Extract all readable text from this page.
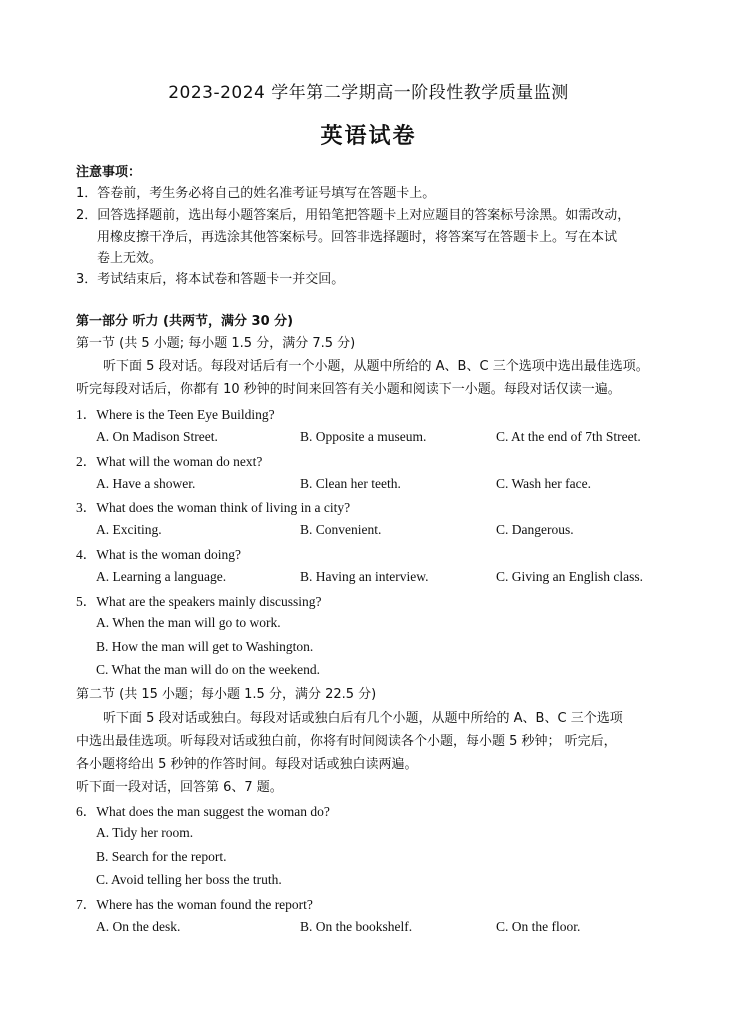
2023-2024 学年第二学期高一阶段性教学质量监测
英语试卷
注意事项：
1．答卷前，考生务必将自己的姓名准考证号填写在答题卡上。
2．回答选择题前，选出每小题答案后，用铅笔把答题卡上对应题目的答案标号涂黑。如需改动，
用橡皮擦干净后，再选涂其他答案标号。回答非选择题时，将答案写在答题卡上。写在本试
卷上无效。
3．考试结束后，将本试卷和答题卡一并交回。
第一部分 听力 (共两节，满分 30 分)
第一节 (共 5 小题; 每小题 1.5 分，满分 7.5 分)
听下面 5 段对话。每段对话后有一个小题，从题中所给的 A、B、C 三个选项中选出最佳选项。
听完每段对话后，你都有 10 秒钟的时间来回答有关小题和阅读下一小题。每段对话仅读一遍。
1．Where is the Teen Eye Building?
A. On Madison Street.	B. Opposite a museum.	C. At the end of 7th Street.
2．What will the woman do next?
A. Have a shower.	B. Clean her teeth.	C. Wash her face.
3．What does the woman think of living in a city?
A. Exciting.	B. Convenient.	C. Dangerous.
4．What is the woman doing?
A. Learning a language.	B. Having an interview.	C. Giving an English class.
5．What are the speakers mainly discussing?
A. When the man will go to work.
B. How the man will get to Washington.
C. What the man will do on the weekend.
第二节 (共 15 小题；每小题 1.5 分，满分 22.5 分)
听下面 5 段对话或独白。每段对话或独白后有几个小题，从题中所给的 A、B、C 三个选项
中选出最佳选项。听每段对话或独白前，你将有时间阅读各个小题，每小题 5 秒钟； 听完后，
各小题将给出 5 秒钟的作答时间。每段对话或独白读两遍。
听下面一段对话，回答第 6、7 题。
6．What does the man suggest the woman do?
A. Tidy her room.
B. Search for the report.
C. Avoid telling her boss the truth.
7．Where has the woman found the report?
A. On the desk.	B. On the bookshelf.	C. On the floor.
